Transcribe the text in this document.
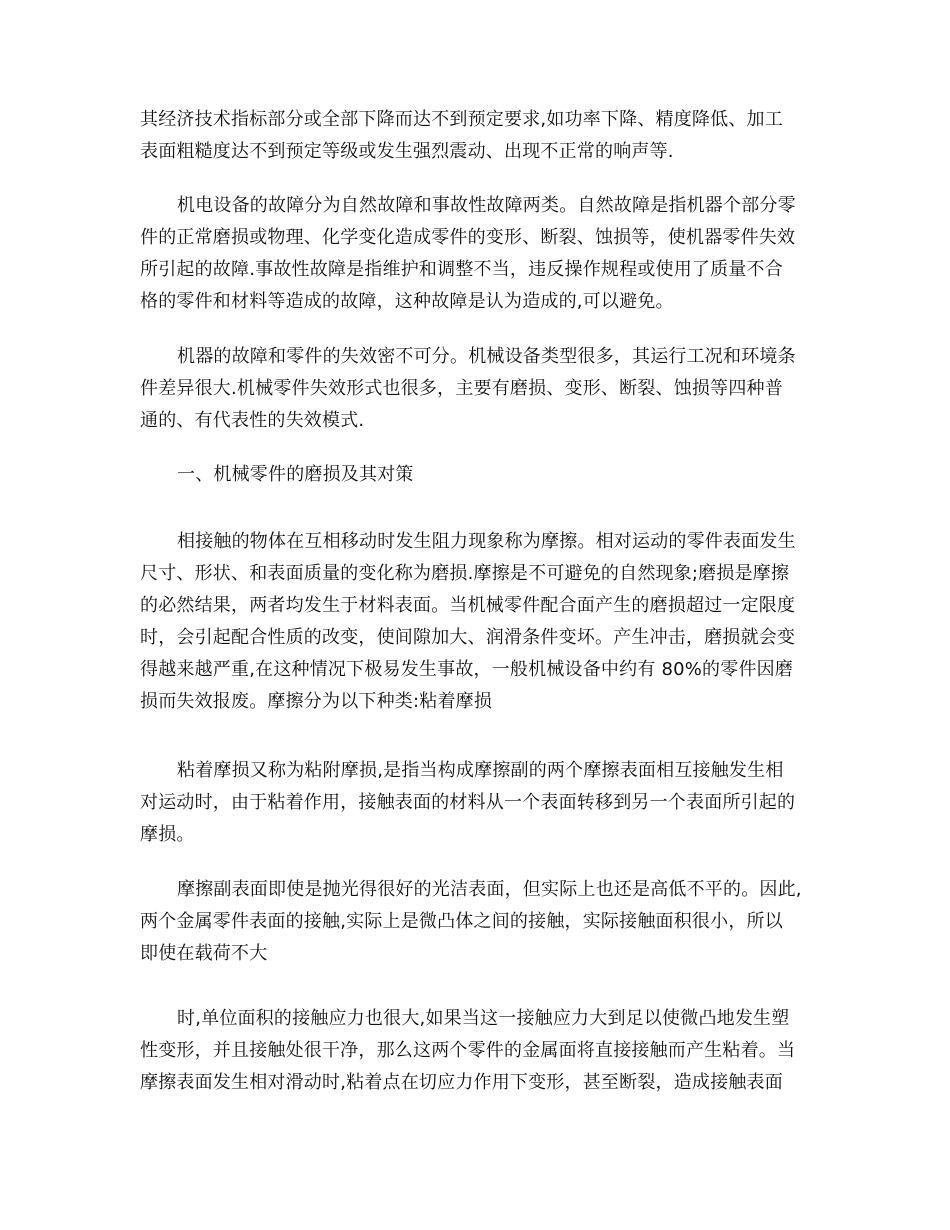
其经济技术指标部分或全部下降而达不到预定要求,如功率下降、精度降低、加工
表面粗糙度达不到预定等级或发生强烈震动、出现不正常的响声等.
机电设备的故障分为自然故障和事故性故障两类。自然故障是指机器个部分零
件的正常磨损或物理、化学变化造成零件的变形、断裂、蚀损等，使机器零件失效
所引起的故障.事故性故障是指维护和调整不当，违反操作规程或使用了质量不合
格的零件和材料等造成的故障，这种故障是认为造成的,可以避免。
机器的故障和零件的失效密不可分。机械设备类型很多，其运行工况和环境条
件差异很大.机械零件失效形式也很多，主要有磨损、变形、断裂、蚀损等四种普
通的、有代表性的失效模式.
一、机械零件的磨损及其对策
相接触的物体在互相移动时发生阻力现象称为摩擦。相对运动的零件表面发生
尺寸、形状、和表面质量的变化称为磨损.摩擦是不可避免的自然现象;磨损是摩擦
的必然结果，两者均发生于材料表面。当机械零件配合面产生的磨损超过一定限度
时，会引起配合性质的改变，使间隙加大、润滑条件变坏。产生冲击，磨损就会变
得越来越严重,在这种情况下极易发生事故，一般机械设备中约有 80%的零件因磨
损而失效报废。摩擦分为以下种类:粘着摩损
粘着摩损又称为粘附摩损,是指当构成摩擦副的两个摩擦表面相互接触发生相
对运动时，由于粘着作用，接触表面的材料从一个表面转移到另一个表面所引起的
摩损。
摩擦副表面即使是抛光得很好的光洁表面，但实际上也还是高低不平的。因此,
两个金属零件表面的接触,实际上是微凸体之间的接触，实际接触面积很小，所以
即使在载荷不大
时,单位面积的接触应力也很大,如果当这一接触应力大到足以使微凸地发生塑
性变形，并且接触处很干净，那么这两个零件的金属面将直接接触而产生粘着。当
摩擦表面发生相对滑动时,粘着点在切应力作用下变形，甚至断裂，造成接触表面
